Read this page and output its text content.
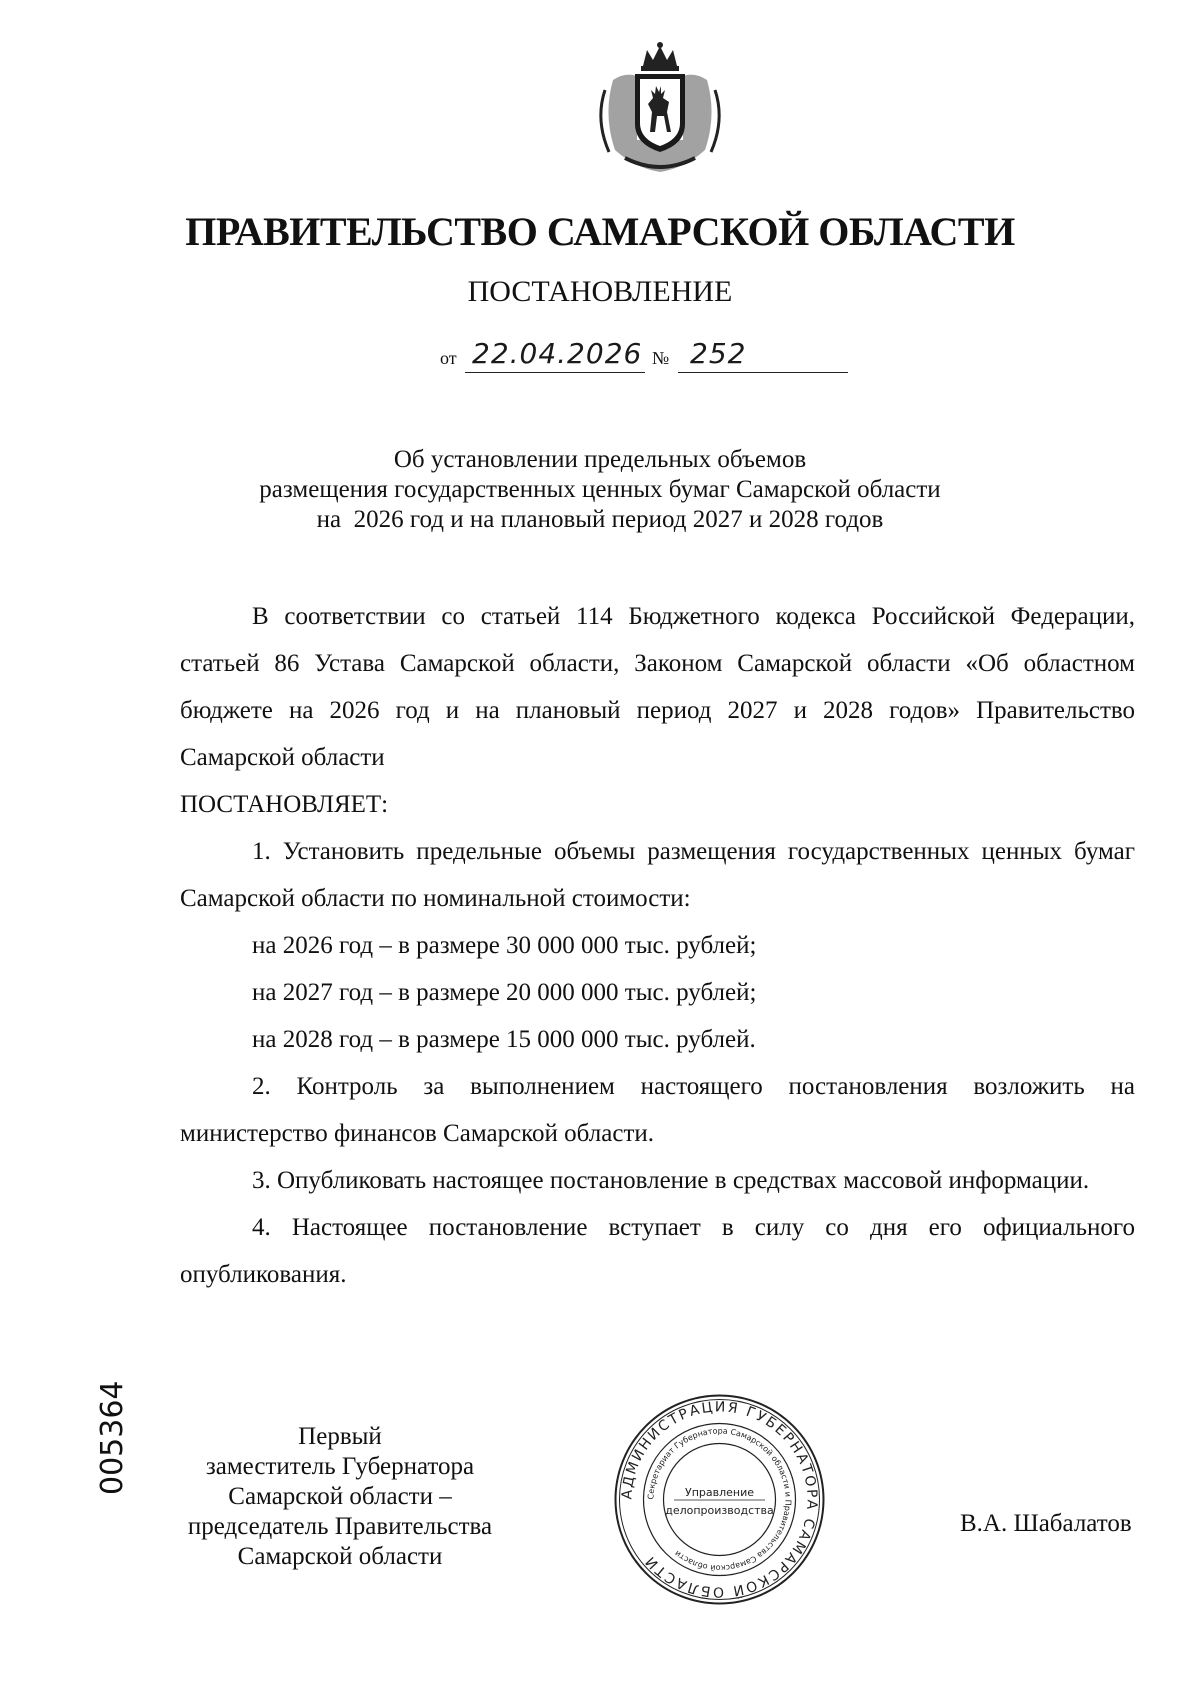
ПРАВИТЕЛЬСТВО САМАРСКОЙ ОБЛАСТИ
ПОСТАНОВЛЕНИЕ
от 22.04.2026 № 252
Об установлении предельных объемов
размещения государственных ценных бумаг Самарской области
на  2026 год и на плановый период 2027 и 2028 годов
В соответствии со статьей 114 Бюджетного кодекса Российской Федерации, статьей 86 Устава Самарской области, Законом Самарской области «Об областном бюджете на 2026 год и на плановый период 2027 и 2028 годов» Правительство Самарской области
ПОСТАНОВЛЯЕТ:
1. Установить предельные объемы размещения государственных ценных бумаг Самарской области по номинальной стоимости:
на 2026 год – в размере 30 000 000 тыс. рублей;
на 2027 год – в размере 20 000 000 тыс. рублей;
на 2028 год – в размере 15 000 000 тыс. рублей.
2. Контроль за выполнением настоящего постановления возложить на министерство финансов Самарской области.
3. Опубликовать настоящее постановление в средствах массовой информации.
4. Настоящее постановление вступает в силу со дня его официального опубликования.
Первый
заместитель Губернатора
Самарской области –
председатель Правительства
Самарской области
005364	АДМИНИСТРАЦИЯ ГУБЕРНАТОРА САМАРСКОЙ ОБЛАСТИ
Секретариат Губернатора Самарской области и Правительства Самарской области
Управление
делопроизводства	В.А. Шабалатов
